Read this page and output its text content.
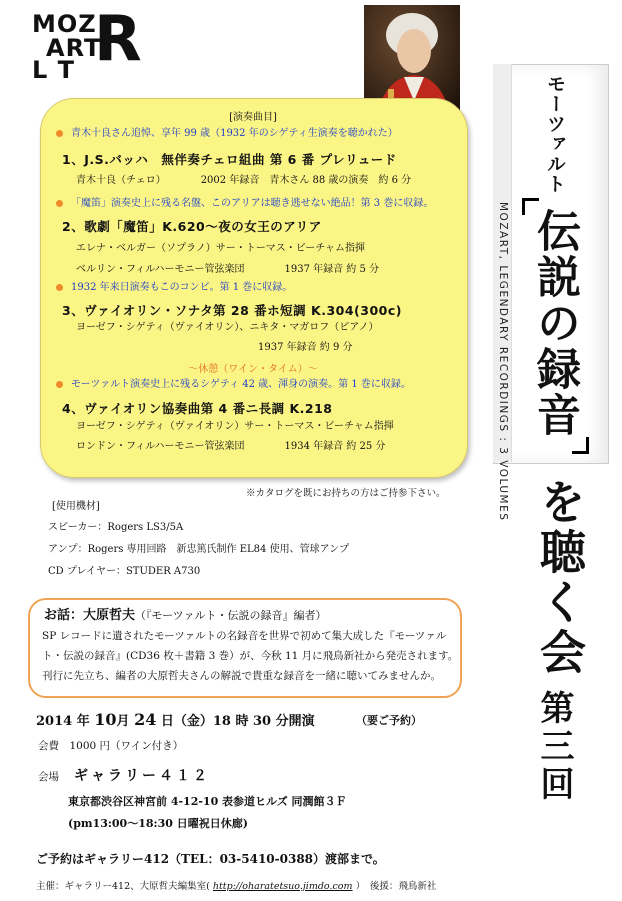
MOZ
ART
L T R
モーツァルト
MOZART, LEGENDARY RECORDINGS : 3 VOLUMES 伝説の録音
を聴く会
第三回
[演奏曲目]
青木十良さん追悼、享年 99 歳（1932 年のシゲティ生演奏を聴かれた）
1、J.S.バッハ　無伴奏チェロ組曲 第 6 番 プレリュード
青木十良（チェロ）　　　　2002 年録音　青木さん 88 歳の演奏　約 6 分
「魔笛」演奏史上に残る名盤、このアリアは聴き逃せない絶品！第 3 巻に収録。
2、歌劇「魔笛」K.620〜夜の女王のアリア
エレナ・ベルガー（ソプラノ）サー・トーマス・ビーチャム指揮
ベルリン・フィルハーモニー管弦楽団　　　　1937 年録音 約 5 分
1932 年来日演奏もこのコンビ。第 1 巻に収録。
3、ヴァイオリン・ソナタ第 28 番ホ短調 K.304(300c)
ヨーゼフ・シゲティ（ヴァイオリン）、ニキタ・マガロフ（ピアノ）
1937 年録音 約 9 分
〜休憩（ワイン・タイム）〜
モーツァルト演奏史上に残るシゲティ 42 歳、渾身の演奏。第 1 巻に収録。
4、ヴァイオリン協奏曲第 4 番ニ長調 K.218
ヨーゼフ・シゲティ（ヴァイオリン）サー・トーマス・ビーチャム指揮
ロンドン・フィルハーモニー管弦楽団　　　　1934 年録音 約 25 分
※カタログを既にお持ちの方はご持参下さい。
[使用機材]
スピーカー：Rogers LS3/5A
アンプ：Rogers 専用回路　新忠篤氏制作 EL84 使用、管球アンプ
CD プレイヤー：STUDER A730
お話：大原哲夫（『モーツァルト・伝説の録音』編者）
SP レコードに遺されたモーツァルトの名録音を世界で初めて集大成した『モーツァル
ト・伝説の録音』(CD36 枚＋書籍 3 巻）が、今秋 11 月に飛鳥新社から発売されます。
刊行に先立ち、編者の大原哲夫さんの解説で貴重な録音を一緒に聴いてみませんか。
2014 年 10月 24 日（金）18 時 30 分開演	（要ご予約）
会費　1000 円（ワイン付き）
会場 ギャラリー４１２
東京都渋谷区神宮前 4-12-10 表参道ヒルズ 同潤館３Ｆ
(pm13:00〜18:30 日曜祝日休廊)
ご予約はギャラリー412（TEL：03-5410-0388）渡部まで。
主催：ギャラリー412、大原哲夫編集室( http://oharatetsuo.jimdo.com ）　後援：飛鳥新社
